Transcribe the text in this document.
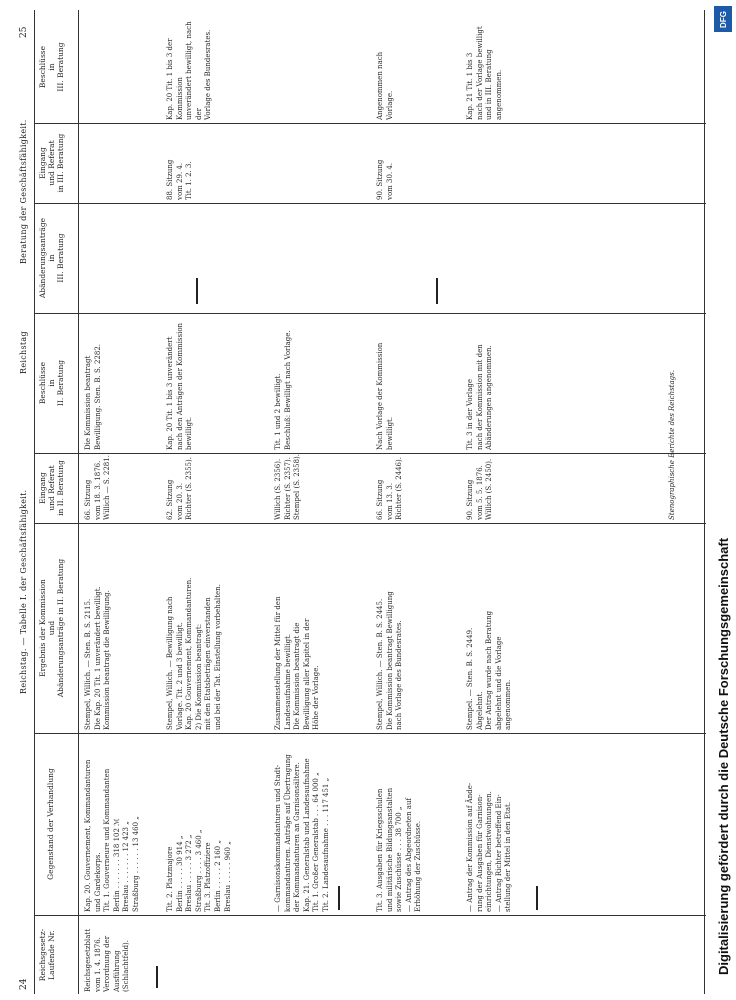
24
25
Reichstag. — Tabelle I. der Geschäftsfähigkeit.
Reichstag
Beratung der Geschäftsfähigkeit.
Reichsgesetz-
Laufende Nr.
Gegenstand der Verhandlung
Ergebnis der Kommission
und
Abänderungsanträge in II. Beratung
Eingang
und Referat
in II. Beratung
Beschlüsse
in
II. Beratung
Abänderungsanträge
in
III. Beratung
Eingang
und Referat
in III. Beratung
Beschlüsse
in
III. Beratung
Reichsgesetzblatt
vom 1. 4. 1876.
Verordnung der
Ausführung
(Schlachtfeld).
Kap. 20. Gouvernement, Kommandanturen
und Gardekorps.
Tit. 1. Gouverneure und Kommandanten
Berlin . . . . . . . 318 102 ℳ
Breslau . . . . . . . 12 423 „
Straßburg . . . . . . 13 460 „
Stempel, Willich. — Sten. B. S. 2115.
Die Kap. 20 Tit. 1 unverändert bewilligt.
Kommission beantragt die Bewilligung.
66. Sitzung
vom 18. 3. 1876.
Willich — S. 2281.
Die Kommission beantragt
Bewilligung. Sten. B. S. 2282.
Tit. 2. Platzmajore
Berlin . . . . . 30 914 „
Breslau . . . . . 3 272 „
Straßburg . . . . 3 460 „
Tit. 3. Platzoffiziere
Berlin . . . . . 2 160 „
Breslau . . . . . 960 „
Stempel, Willich. — Bewilligung nach
Vorlage. Tit. 2 und 3 bewilligt.
Kap. 20 Gouvernement, Kommandanturen.
2) Die Kommission beantragt:
mit den Etatsbeträgen einverstanden
und bei der Tat. Einstellung vorbehalten.
62. Sitzung
vom 20. 3.
Richter (S. 2355).
Kap. 20 Tit. 1 bis 3 unverändert
nach den Anträgen der Kommission
bewilligt.
88. Sitzung
vom 29. 4.
Tit. 1. 2. 3.
Kap. 20 Tit. 1 bis 3 der Kommission
unverändert bewilligt, nach der
Vorlage des Bundesrates.
— Garnisonskommandanturen und Stadt-
kommandanturen. Anträge auf Übertragung
der Kommandanturen an Garnisonsältere.
Kap. 21. Generalstab und Landesaufnahme
Tit. 1. Großer Generalstab . . . 64 000 „
Tit. 2. Landesaufnahme . . . 117 451 „
Zusammenstellung der Mittel für den
Landesaufnahme bewilligt.
Die Kommission beantragt die
Bewilligung aller Kapitel in der
Höhe der Vorlage.
Willich (S. 2356).
Richter (S. 2357).
Stempel (S. 2358).
Tit. 1 und 2 bewilligt.
Beschluß: Bewilligt nach Vorlage.
Tit. 3. Ausgaben für Kriegsschulen
und militärische Bildungsanstalten
sowie Zuschüsse . . . 38 700 „
— Antrag des Abgeordneten auf
Erhöhung der Zuschüsse.
Stempel, Willich. — Sten. B. S. 2445.
Die Kommission beantragt Bewilligung
nach Vorlage des Bundesrates.
66. Sitzung
vom 13. 3.
Richter (S. 2446).
Nach Vorlage der Kommission
bewilligt.
90. Sitzung
vom 30. 4.
Angenommen nach
Vorlage.
— Antrag der Kommission auf Ände-
rung der Ausgaben für Garnison-
einrichtungen, Dienstwohnungen.
— Antrag Richter betreffend Ein-
stellung der Mittel in den Etat.
Stempel. — Sten. B. S. 2449.
Abgelehnt.
Der Antrag wurde nach Beratung
abgelehnt und die Vorlage
angenommen.
90. Sitzung
vom 5. 5. 1876.
Willich (S. 2450).
Tit. 3 in der Vorlage
nach der Kommission mit den
Abänderungen angenommen.
Kap. 21 Tit. 1 bis 3
nach der Vorlage bewilligt
und in III. Beratung
angenommen.
Stenographische Berichte des Reichstags.
Digitalisierung gefördert durch die Deutsche Forschungsgemeinschaft
DFG
